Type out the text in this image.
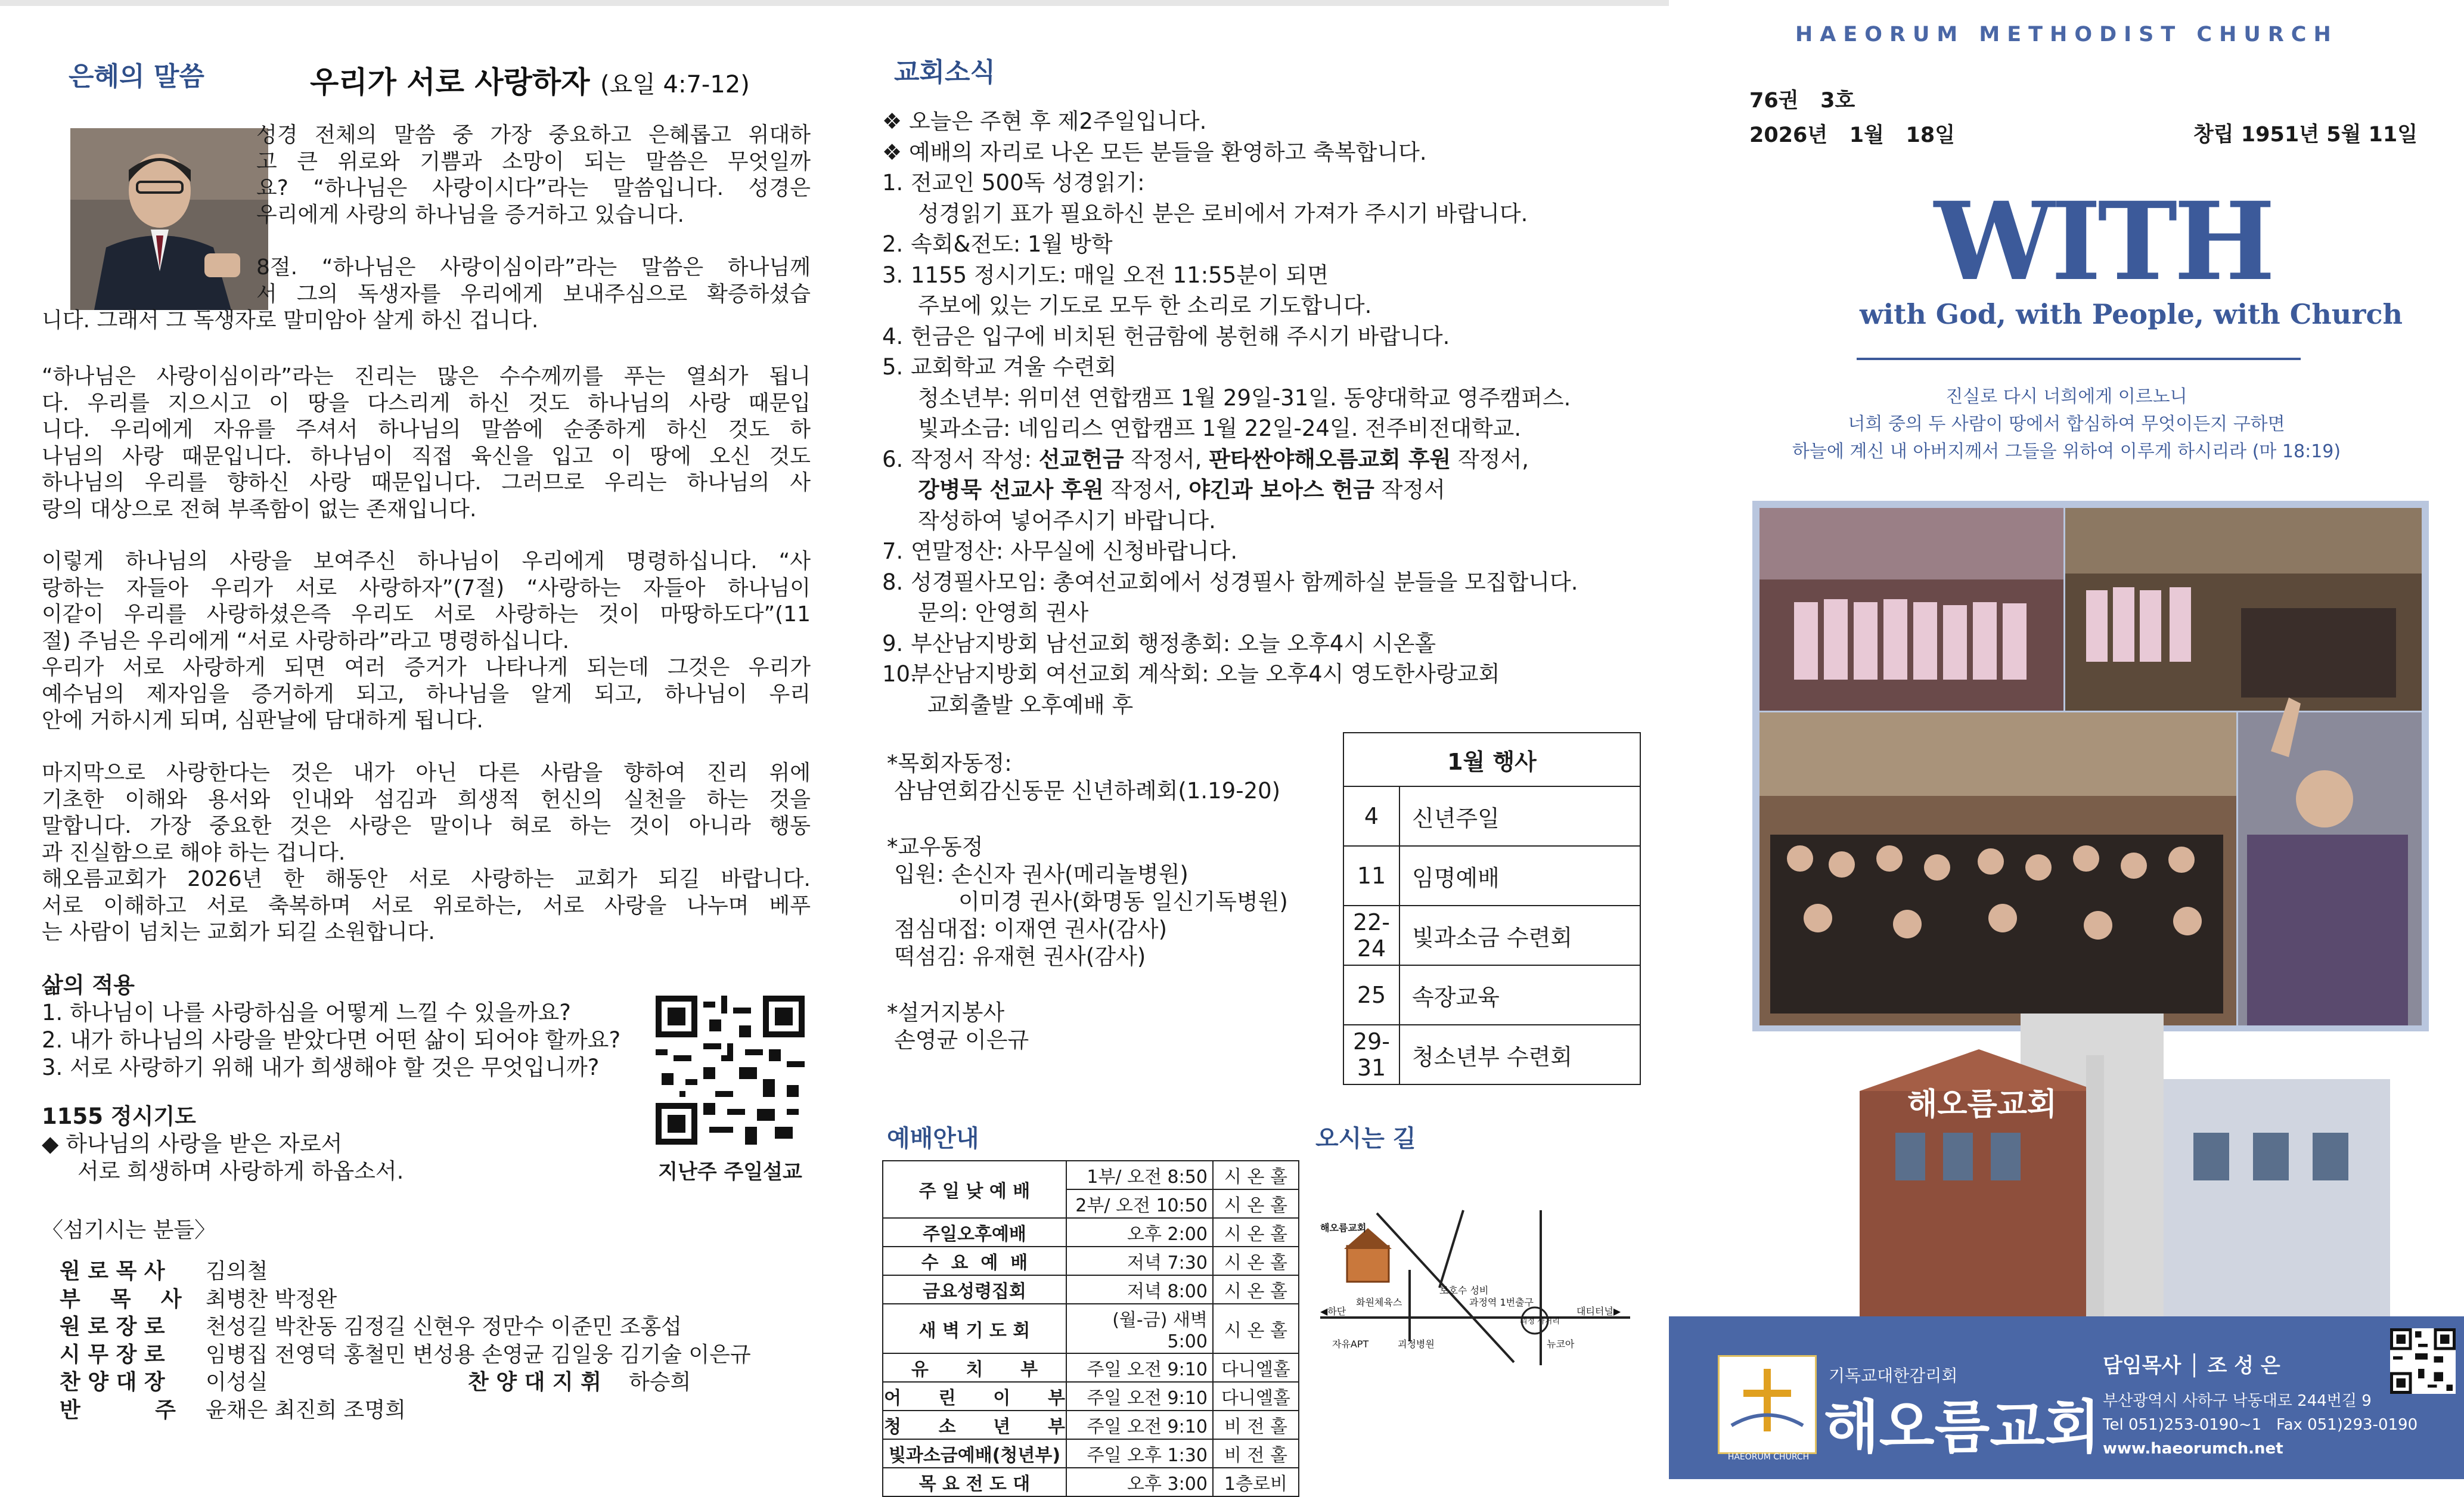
은혜의 말씀	우리가 서로 사랑하자 (요일 4:7-12)
성경 전체의 말씀 중 가장 중요하고 은혜롭고 위대하
고 큰 위로와 기쁨과 소망이 되는 말씀은 무엇일까
요? “하나님은 사랑이시다”라는 말씀입니다. 성경은
우리에게 사랑의 하나님을 증거하고 있습니다.
8절. “하나님은 사랑이심이라”라는 말씀은 하나님께
서 그의 독생자를 우리에게 보내주심으로 확증하셨습
니다. 그래서 그 독생자로 말미암아 살게 하신 겁니다.
“하나님은 사랑이심이라”라는 진리는 많은 수수께끼를 푸는 열쇠가 됩니
다. 우리를 지으시고 이 땅을 다스리게 하신 것도 하나님의 사랑 때문입
니다. 우리에게 자유를 주셔서 하나님의 말씀에 순종하게 하신 것도 하
나님의 사랑 때문입니다. 하나님이 직접 육신을 입고 이 땅에 오신 것도
하나님의 우리를 향하신 사랑 때문입니다. 그러므로 우리는 하나님의 사
랑의 대상으로 전혀 부족함이 없는 존재입니다.
이렇게 하나님의 사랑을 보여주신 하나님이 우리에게 명령하십니다. “사
랑하는 자들아 우리가 서로 사랑하자”(7절) “사랑하는 자들아 하나님이
이같이 우리를 사랑하셨은즉 우리도 서로 사랑하는 것이 마땅하도다”(11
절) 주님은 우리에게 “서로 사랑하라”라고 명령하십니다.
우리가 서로 사랑하게 되면 여러 증거가 나타나게 되는데 그것은 우리가
예수님의 제자임을 증거하게 되고, 하나님을 알게 되고, 하나님이 우리
안에 거하시게 되며, 심판날에 담대하게 됩니다.
마지막으로 사랑한다는 것은 내가 아닌 다른 사람을 향하여 진리 위에
기초한 이해와 용서와 인내와 섬김과 희생적 헌신의 실천을 하는 것을
말합니다. 가장 중요한 것은 사랑은 말이나 혀로 하는 것이 아니라 행동
과 진실함으로 해야 하는 겁니다.
해오름교회가 2026년 한 해동안 서로 사랑하는 교회가 되길 바랍니다.
서로 이해하고 서로 축복하며 서로 위로하는, 서로 사랑을 나누며 베푸
는 사람이 넘치는 교회가 되길 소원합니다.
삶의 적용
1. 하나님이 나를 사랑하심을 어떻게 느낄 수 있을까요?
2. 내가 하나님의 사랑을 받았다면 어떤 삶이 되어야 할까요?
3. 서로 사랑하기 위해 내가 희생해야 할 것은 무엇입니까?
1155 정시기도
◆ 하나님의 사랑을 받은 자로서
서로 희생하며 사랑하게 하옵소서.	지난주 주일설교
〈섬기시는 분들〉
원 로 목 사 김의철
부    목    사 최병찬 박정완
원 로 장 로 천성길 박찬동 김정길 신현우 정만수 이준민 조홍섭
시 무 장 로 임병집 전영덕 홍철민 변성용 손영균 김일웅 김기술 이은규
찬 양 대 장 이성실	찬 양 대 지 휘 하승희
반          주 윤채은 최진희 조명희
교회소식
❖ 오늘은 주현 후 제2주일입니다.
❖ 예배의 자리로 나온 모든 분들을 환영하고 축복합니다.
1. 전교인 500독 성경읽기:
성경읽기 표가 필요하신 분은 로비에서 가져가 주시기 바랍니다.
2. 속회&전도: 1월 방학
3. 1155 정시기도: 매일 오전 11:55분이 되면
주보에 있는 기도로 모두 한 소리로 기도합니다.
4. 헌금은 입구에 비치된 헌금함에 봉헌해 주시기 바랍니다.
5. 교회학교 겨울 수련회
청소년부: 위미션 연합캠프 1월 29일-31일. 동양대학교 영주캠퍼스.
빛과소금: 네임리스 연합캠프 1월 22일-24일. 전주비전대학교.
6. 작정서 작성: 선교헌금 작정서, 판타싼야해오름교회 후원 작정서,
강병묵 선교사 후원 작정서, 야긴과 보아스 헌금 작정서
작성하여 넣어주시기 바랍니다.
7. 연말정산: 사무실에 신청바랍니다.
8. 성경필사모임: 총여선교회에서 성경필사 함께하실 분들을 모집합니다.
문의: 안영희 권사
9. 부산남지방회 남선교회 행정총회: 오늘 오후4시 시온홀
10.부산남지방회 여선교회 계삭회: 오늘 오후4시 영도한사랑교회
교회출발 오후예배 후
*목회자동정:
삼남연회감신동문 신년하례회(1.19-20)
*교우동정
입원: 손신자 권사(메리놀병원)
이미경 권사(화명동 일신기독병원)
점심대접: 이재연 권사(감사)
떡섬김: 유재현 권사(감사)
*설거지봉사
손영균 이은규
1월 행사	
4	신년주일
11	임명예배
22-24	빛과소금 수련회
25	속장교육
29-31	청소년부 수련회
예배안내
주 일 낮 예 배	1부/ 오전 8:50	시 온 홀
	2부/ 오전 10:50	시 온 홀
주일오후예배	오후 2:00	시 온 홀
수  요  예  배	저녁 7:30	시 온 홀
금요성령집회	저녁 8:00	시 온 홀
새 벽 기 도 회	(월-금) 새벽 5:00	시 온 홀
유      치      부	주일 오전 9:10	다니엘홀
어      린      이      부	주일 오전 9:10	다니엘홀
청      소      년      부	주일 오전 9:10	비 전 홀
빛과소금예배(청년부)	주일 오후 1:30	비 전 홀
목 요 전 도 대	오후 3:00	1층로비
오시는 길
해오름교회
화원체육스
보호수 성비
과정역 1번출구
◀하단
자유APT	괴정병원
괴정 사거리
대티터널▶
뉴코아
HAEORUM METHODIST CHURCH
76권 3호
2026년 1월 18일	창립 1951년 5월 11일
WITH
with God, with People, with Church
진실로 다시 너희에게 이르노니
너희 중의 두 사람이 땅에서 합심하여 무엇이든지 구하면
하늘에 계신 내 아버지께서 그들을 위하여 이루게 하시리라 (마 18:19)
해오름교회
HAEORUM CHURCH
기독교대한감리회
해오름교회
담임목사 │ 조 성 은
부산광역시 사하구 낙동대로 244번길 9
Tel 051)253-0190~1 Fax 051)293-0190
www.haeorumch.net
